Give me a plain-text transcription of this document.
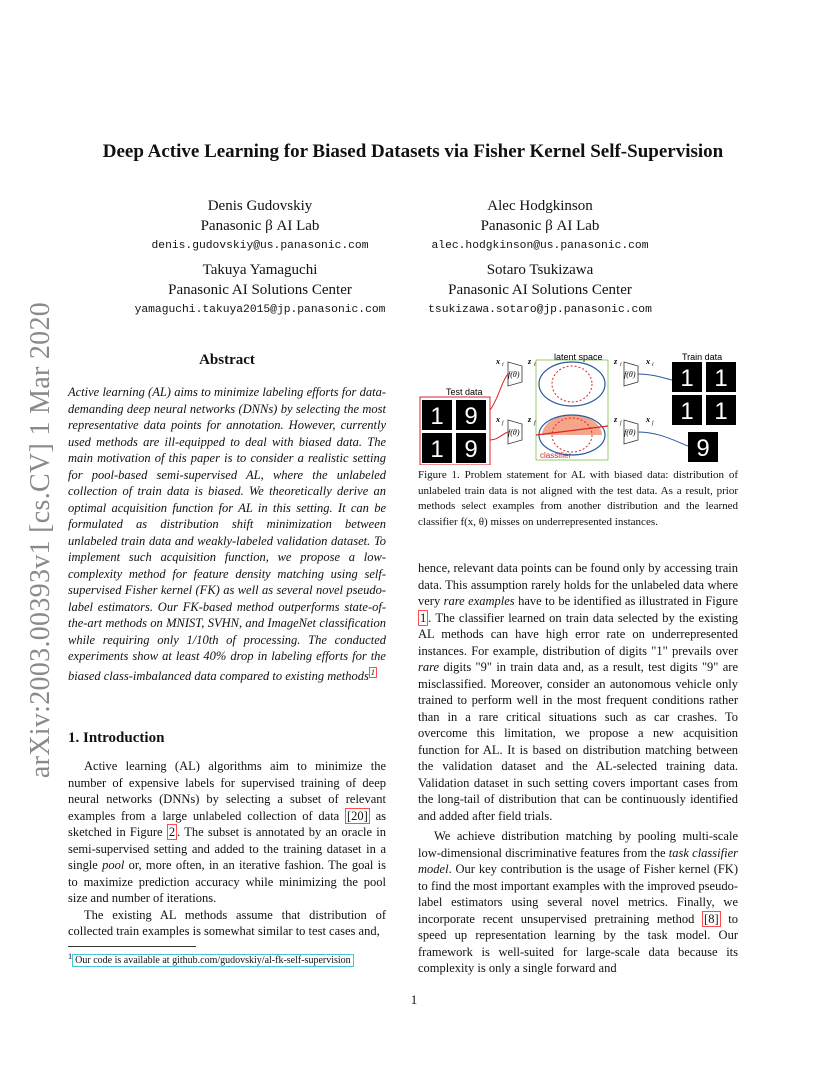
arXiv:2003.00393v1 [cs.CV] 1 Mar 2020
Deep Active Learning for Biased Datasets via Fisher Kernel Self-Supervision
Denis Gudovskiy
Panasonic β AI Lab
denis.gudovskiy@us.panasonic.com
Alec Hodgkinson
Panasonic β AI Lab
alec.hodgkinson@us.panasonic.com
Takuya Yamaguchi
Panasonic AI Solutions Center
yamaguchi.takuya2015@jp.panasonic.com
Sotaro Tsukizawa
Panasonic AI Solutions Center
tsukizawa.sotaro@jp.panasonic.com
Abstract
Active learning (AL) aims to minimize labeling efforts for data-demanding deep neural networks (DNNs) by selecting the most representative data points for annotation. However, currently used methods are ill-equipped to deal with biased data. The main motivation of this paper is to consider a realistic setting for pool-based semi-supervised AL, where the unlabeled collection of train data is biased. We theoretically derive an optimal acquisition function for AL in this setting. It can be formulated as distribution shift minimization between unlabeled train data and weakly-labeled validation dataset. To implement such acquisition function, we propose a low-complexity method for feature density matching using self-supervised Fisher kernel (FK) as well as several novel pseudo-label estimators. Our FK-based method outperforms state-of-the-art methods on MNIST, SVHN, and ImageNet classification while requiring only 1/10th of processing. The conducted experiments show at least 40% drop in labeling efforts for the biased class-imbalanced data compared to existing methods $^1$
1. Introduction

Active learning (AL) algorithms aim to minimize the number of expensive labels for supervised training of deep neural networks (DNNs) by selecting a subset of relevant examples from a large unlabeled collection of data [20] as sketched in Figure 2 . The subset is annotated by an oracle in semi-supervised setting and added to the training dataset in a single pool or, more often, in an iterative fashion. The goal is to maximize prediction accuracy while minimizing the pool size and number of iterations.

The existing AL methods assume that distribution of collected train examples is somewhat similar to test cases and,

$^1$ Our code is available at github.com/gudovskiy/al-fk-self-supervision
1 9
1 9
Test data	1 1
1 1
9
Train data
latent space
f(θ)
f(θ)
f(θ)
f(θ)
x	z
x	z
z	x
z	x
i	i
j	j
i	i
j	j
classifier
Figure 1. Problem statement for AL with biased data: distribution of unlabeled train data is not aligned with the test data. As a result, prior methods select examples from another distribution and the learned classifier f(x, θ) misses on underrepresented instances.

hence, relevant data points can be found only by accessing train data. This assumption rarely holds for the unlabeled data where very rare examples have to be identified as illustrated in Figure 1 . The classifier learned on train data selected by the existing AL methods can have high error rate on underrepresented instances. For example, distribution of digits "1" prevails over rare digits "9" in train data and, as a result, test digits "9" are misclassified. Moreover, consider an autonomous vehicle only trained to perform well in the most frequent conditions rather than in a rare critical situations such as car crashes. To overcome this limitation, we propose a new acquisition function for AL. It is based on distribution matching between the validation dataset and the AL-selected training data. Validation dataset in such setting covers important cases from the long-tail of distribution that can be continuously identified and added after field trials.

We achieve distribution matching by pooling multi-scale low-dimensional discriminative features from the task classifier model. Our key contribution is the usage of Fisher kernel (FK) to find the most important examples with the improved pseudo-label estimators using several novel metrics. Finally, we incorporate recent unsupervised pretraining method [8] to speed up representation learning by the task model. Our framework is well-suited for large-scale data because its complexity is only a single forward and

1
